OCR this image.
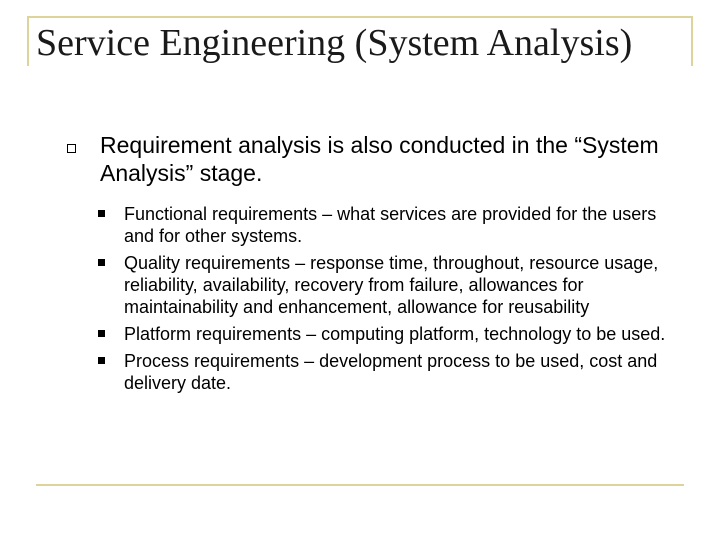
Service Engineering (System Analysis)
Requirement analysis is also conducted in the “System Analysis” stage.
Functional requirements – what services are provided for the users and for other systems.
Quality requirements – response time, throughout, resource usage, reliability, availability, recovery from failure, allowances for maintainability and enhancement, allowance for reusability
Platform requirements – computing platform, technology to be used.
Process requirements – development process to be used, cost and delivery date.
